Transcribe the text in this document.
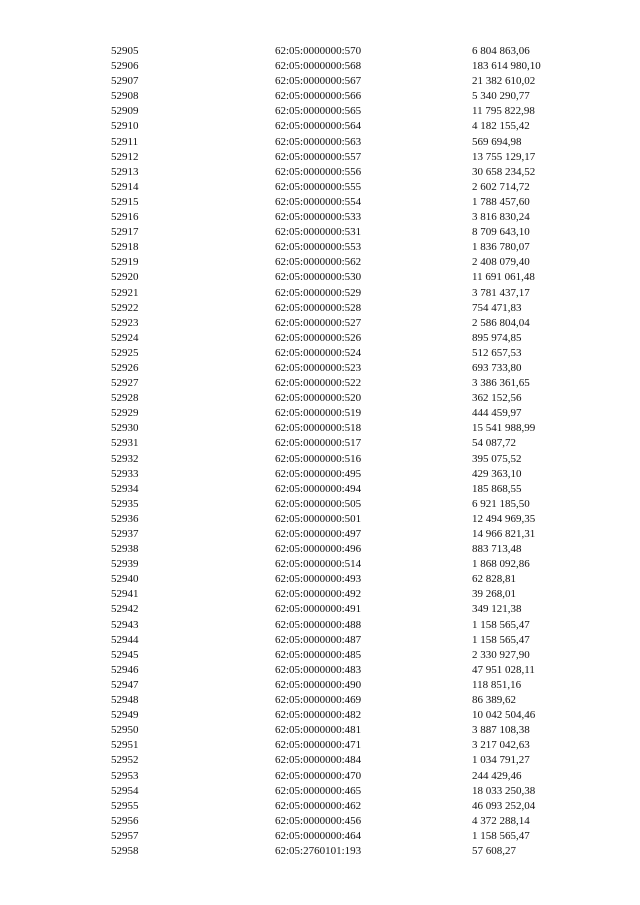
52905	62:05:0000000:570	6 804 863,06
52906	62:05:0000000:568	183 614 980,10
52907	62:05:0000000:567	21 382 610,02
52908	62:05:0000000:566	5 340 290,77
52909	62:05:0000000:565	11 795 822,98
52910	62:05:0000000:564	4 182 155,42
52911	62:05:0000000:563	569 694,98
52912	62:05:0000000:557	13 755 129,17
52913	62:05:0000000:556	30 658 234,52
52914	62:05:0000000:555	2 602 714,72
52915	62:05:0000000:554	1 788 457,60
52916	62:05:0000000:533	3 816 830,24
52917	62:05:0000000:531	8 709 643,10
52918	62:05:0000000:553	1 836 780,07
52919	62:05:0000000:562	2 408 079,40
52920	62:05:0000000:530	11 691 061,48
52921	62:05:0000000:529	3 781 437,17
52922	62:05:0000000:528	754 471,83
52923	62:05:0000000:527	2 586 804,04
52924	62:05:0000000:526	895 974,85
52925	62:05:0000000:524	512 657,53
52926	62:05:0000000:523	693 733,80
52927	62:05:0000000:522	3 386 361,65
52928	62:05:0000000:520	362 152,56
52929	62:05:0000000:519	444 459,97
52930	62:05:0000000:518	15 541 988,99
52931	62:05:0000000:517	54 087,72
52932	62:05:0000000:516	395 075,52
52933	62:05:0000000:495	429 363,10
52934	62:05:0000000:494	185 868,55
52935	62:05:0000000:505	6 921 185,50
52936	62:05:0000000:501	12 494 969,35
52937	62:05:0000000:497	14 966 821,31
52938	62:05:0000000:496	883 713,48
52939	62:05:0000000:514	1 868 092,86
52940	62:05:0000000:493	62 828,81
52941	62:05:0000000:492	39 268,01
52942	62:05:0000000:491	349 121,38
52943	62:05:0000000:488	1 158 565,47
52944	62:05:0000000:487	1 158 565,47
52945	62:05:0000000:485	2 330 927,90
52946	62:05:0000000:483	47 951 028,11
52947	62:05:0000000:490	118 851,16
52948	62:05:0000000:469	86 389,62
52949	62:05:0000000:482	10 042 504,46
52950	62:05:0000000:481	3 887 108,38
52951	62:05:0000000:471	3 217 042,63
52952	62:05:0000000:484	1 034 791,27
52953	62:05:0000000:470	244 429,46
52954	62:05:0000000:465	18 033 250,38
52955	62:05:0000000:462	46 093 252,04
52956	62:05:0000000:456	4 372 288,14
52957	62:05:0000000:464	1 158 565,47
52958	62:05:2760101:193	57 608,27
